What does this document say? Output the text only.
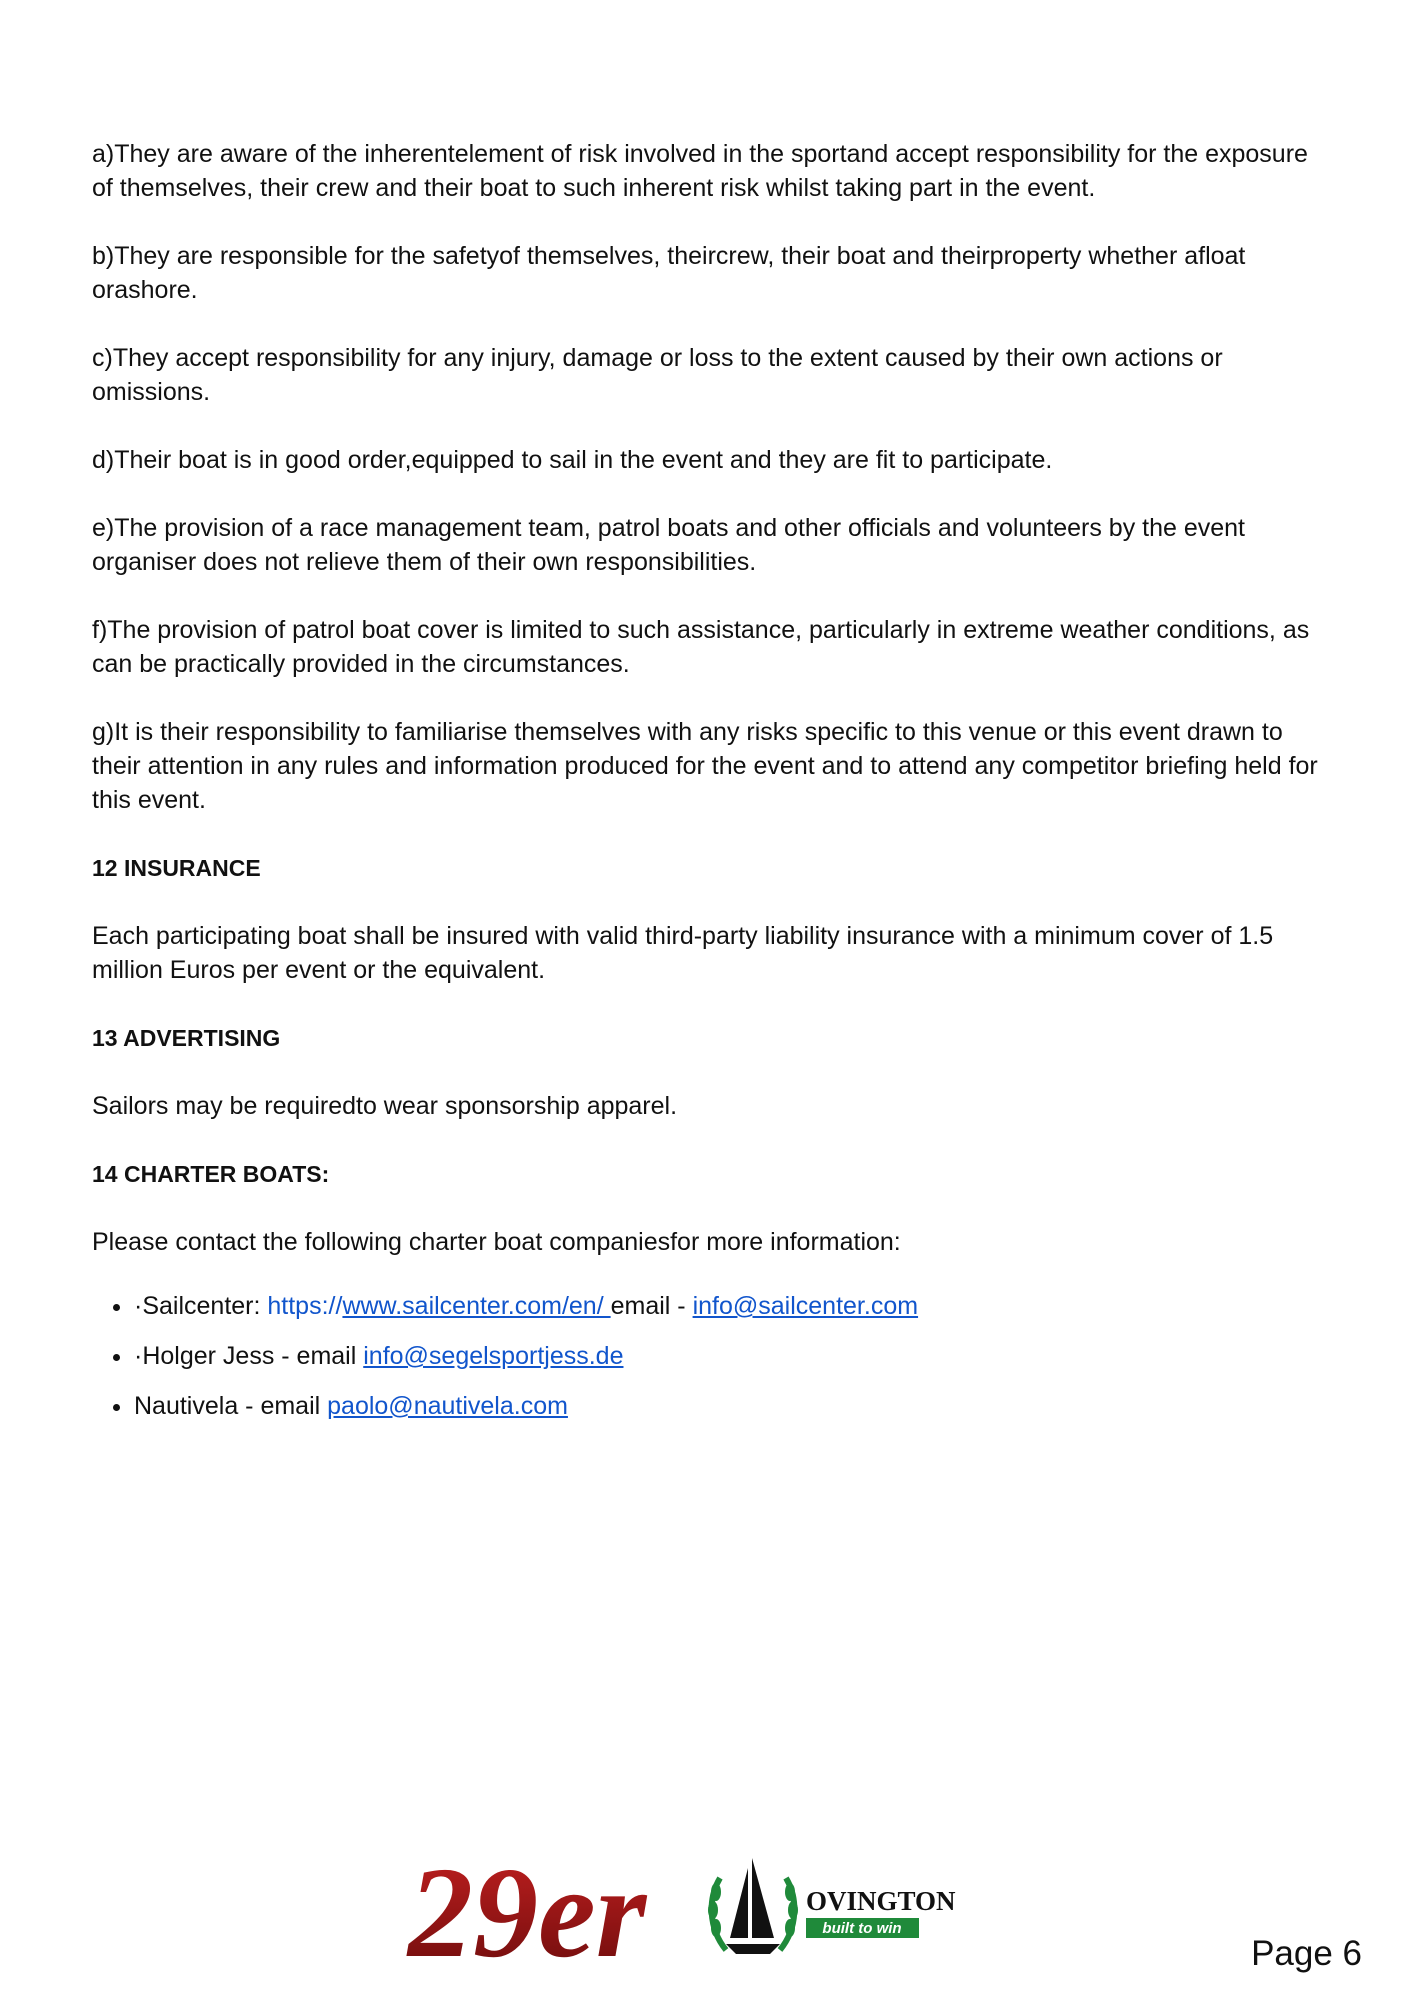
a)They are aware of the inherentelement of risk involved in the sportand accept responsibility for the exposure of themselves, their crew and their boat to such inherent risk whilst taking part in the event.

b)They are responsible for the safetyof themselves, theircrew, their boat and theirproperty whether afloat orashore.

c)They accept responsibility for any injury, damage or loss to the extent caused by their own actions or omissions.

d)Their boat is in good order,equipped to sail in the event and they are fit to participate.

e)The provision of a race management team, patrol boats and other officials and volunteers by the event organiser does not relieve them of their own responsibilities.

f)The provision of patrol boat cover is limited to such assistance, particularly in extreme weather conditions, as can be practically provided in the circumstances.

g)It is their responsibility to familiarise themselves with any risks specific to this venue or this event drawn to their attention in any rules and information produced for the event and to attend any competitor briefing held for this event.

12 INSURANCE

Each participating boat shall be insured with valid third-party liability insurance with a minimum cover of 1.5 million Euros per event or the equivalent.

13 ADVERTISING

Sailors may be requiredto wear sponsorship apparel.

14 CHARTER BOATS:

Please contact the following charter boat companiesfor more information:

• ·Sailcenter: https://www.sailcenter.com/en/ email - info@sailcenter.com
• ·Holger Jess - email info@segelsportjess.de
• Nautivela - email paolo@nautivela.com
29er	OVINGTON
built to win
Page 6
